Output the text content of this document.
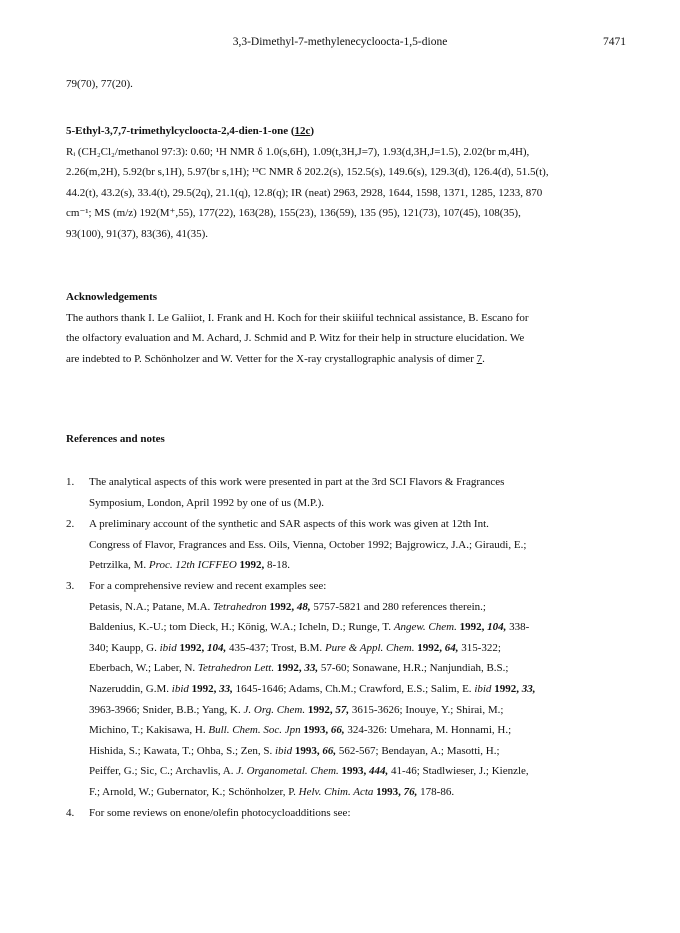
3,3-Dimethyl-7-methylenecycloocta-1,5-dione	7471
79(70), 77(20).
5-Ethyl-3,7,7-trimethylcycloocta-2,4-dien-1-one (12c)
Rᵢ (CH₂Cl₂/methanol 97:3): 0.60; ¹H NMR δ 1.0(s,6H), 1.09(t,3H,J=7), 1.93(d,3H,J=1.5), 2.02(br m,4H),
2.26(m,2H), 5.92(br s,1H), 5.97(br s,1H); ¹³C NMR δ 202.2(s), 152.5(s), 149.6(s), 129.3(d), 126.4(d), 51.5(t),
44.2(t), 43.2(s), 33.4(t), 29.5(2q), 21.1(q), 12.8(q); IR (neat) 2963, 2928, 1644, 1598, 1371, 1285, 1233, 870
cm⁻¹; MS (m/z) 192(M⁺,55), 177(22), 163(28), 155(23), 136(59), 135 (95), 121(73), 107(45), 108(35),
93(100), 91(37), 83(36), 41(35).
Acknowledgements
The authors thank I. Le Galiiot, I. Frank and H. Koch for their skiiiful technical assistance, B. Escano for
the olfactory evaluation and M. Achard, J. Schmid and P. Witz for their help in structure elucidation. We
are indebted to P. Schönholzer and W. Vetter for the X-ray crystallographic analysis of dimer 7.
References and notes
1. The analytical aspects of this work were presented in part at the 3rd SCI Flavors & Fragrances
Symposium, London, April 1992 by one of us (M.P.).
2. A preliminary account of the synthetic and SAR aspects of this work was given at 12th Int.
Congress of Flavor, Fragrances and Ess. Oils, Vienna, October 1992; Bajgrowicz, J.A.; Giraudi, E.;
Petrzilka, M. Proc. 12th ICFFEO 1992, 8-18.
3. For a comprehensive review and recent examples see:
Petasis, N.A.; Patane, M.A. Tetrahedron 1992, 48, 5757-5821 and 280 references therein.;
Baldenius, K.-U.; tom Dieck, H.; König, W.A.; Icheln, D.; Runge, T. Angew. Chem. 1992, 104, 338-
340; Kaupp, G. ibid 1992, 104, 435-437; Trost, B.M. Pure & Appl. Chem. 1992, 64, 315-322;
Eberbach, W.; Laber, N. Tetrahedron Lett. 1992, 33, 57-60; Sonawane, H.R.; Nanjundiah, B.S.;
Nazeruddin, G.M. ibid 1992, 33, 1645-1646; Adams, Ch.M.; Crawford, E.S.; Salim, E. ibid 1992, 33,
3963-3966; Snider, B.B.; Yang, K. J. Org. Chem. 1992, 57, 3615-3626; Inouye, Y.; Shirai, M.;
Michino, T.; Kakisawa, H. Bull. Chem. Soc. Jpn 1993, 66, 324-326: Umehara, M. Honnami, H.;
Hishida, S.; Kawata, T.; Ohba, S.; Zen, S. ibid 1993, 66, 562-567; Bendayan, A.; Masotti, H.;
Peiffer, G.; Sic, C.; Archavlis, A. J. Organometal. Chem. 1993, 444, 41-46; Stadlwieser, J.; Kienzle,
F.; Arnold, W.; Gubernator, K.; Schönholzer, P. Helv. Chim. Acta 1993, 76, 178-86.
4. For some reviews on enone/olefin photocycloadditions see:
